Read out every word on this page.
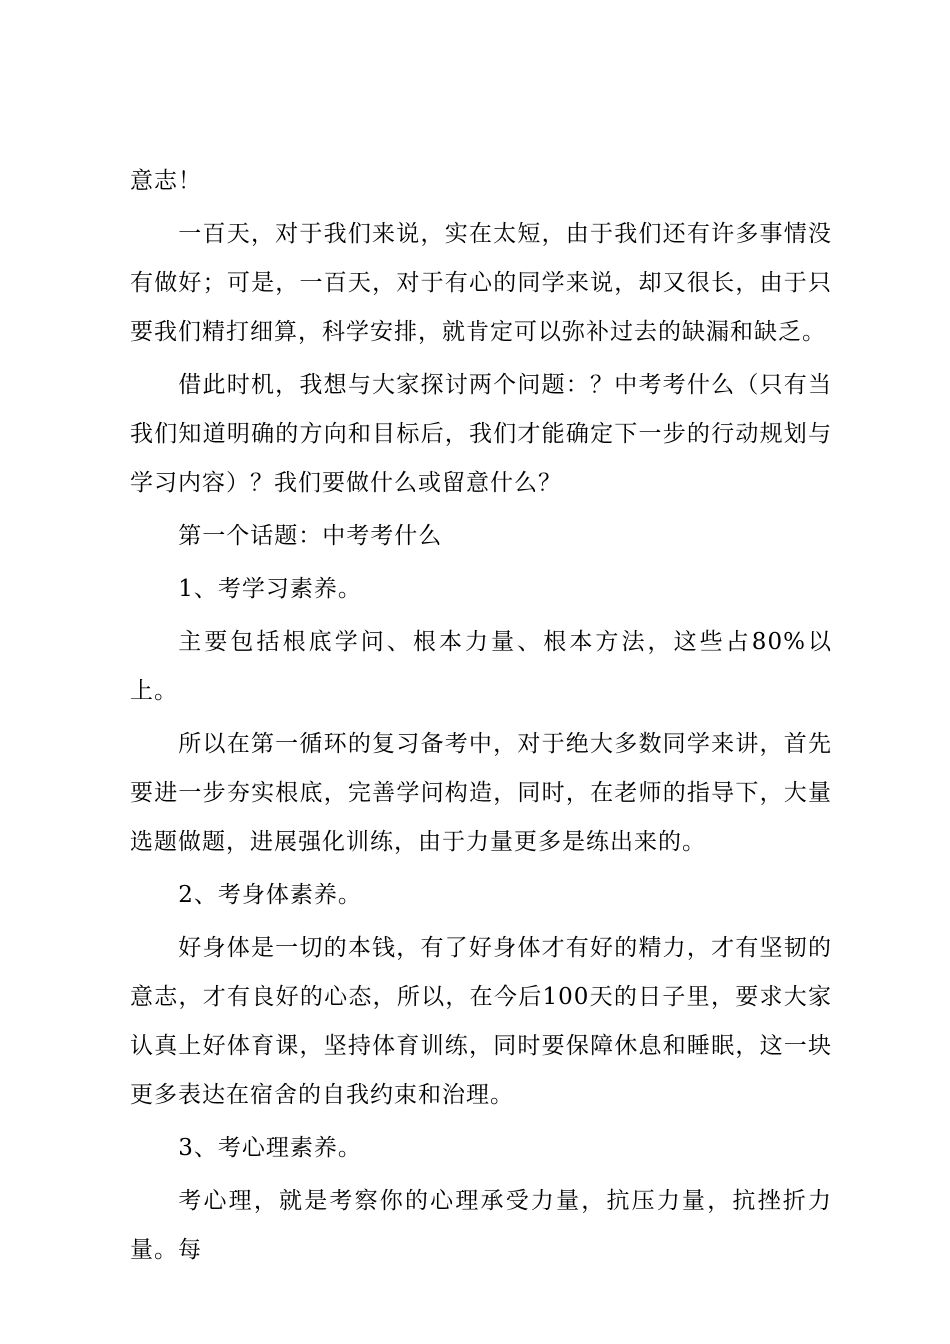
意志！

一百天，对于我们来说，实在太短，由于我们还有许多事情没有做好；可是，一百天，对于有心的同学来说，却又很长，由于只要我们精打细算，科学安排，就肯定可以弥补过去的缺漏和缺乏。

借此时机，我想与大家探讨两个问题：？中考考什么（只有当我们知道明确的方向和目标后，我们才能确定下一步的行动规划与学习内容）？我们要做什么或留意什么？

第一个话题：中考考什么

1、考学习素养。

主要包括根底学问、根本力量、根本方法，这些占80%以上。

所以在第一循环的复习备考中，对于绝大多数同学来讲，首先要进一步夯实根底，完善学问构造，同时，在老师的指导下，大量选题做题，进展强化训练，由于力量更多是练出来的。

2、考身体素养。

好身体是一切的本钱，有了好身体才有好的精力，才有坚韧的意志，才有良好的心态，所以，在今后100天的日子里，要求大家认真上好体育课，坚持体育训练，同时要保障休息和睡眠，这一块更多表达在宿舍的自我约束和治理。

3、考心理素养。

考心理，就是考察你的心理承受力量，抗压力量，抗挫折力量。每
